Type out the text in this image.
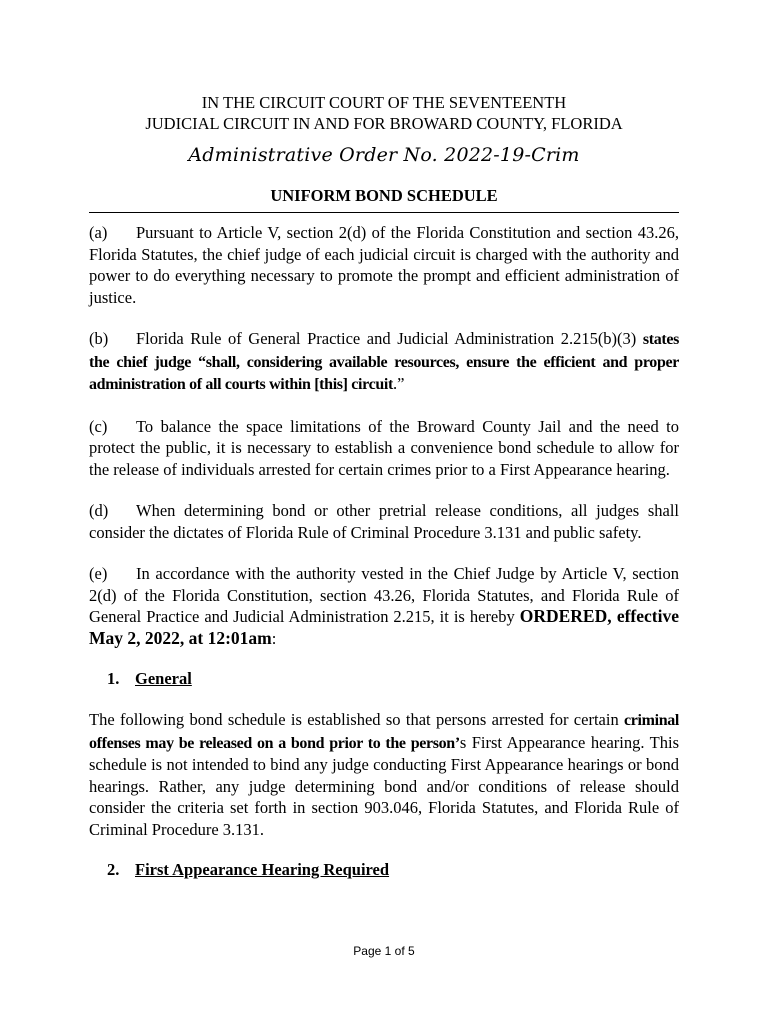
IN THE CIRCUIT COURT OF THE SEVENTEENTH

JUDICIAL CIRCUIT IN AND FOR BROWARD COUNTY, FLORIDA

Administrative Order No. 2022-19-Crim
UNIFORM BOND SCHEDULE

(a) Pursuant to Article V, section 2(d) of the Florida Constitution and section 43.26, Florida Statutes, the chief judge of each judicial circuit is charged with the authority and power to do everything necessary to promote the prompt and efficient administration of justice.

(b) Florida Rule of General Practice and Judicial Administration 2.215(b)(3) states the chief judge “shall, considering available resources, ensure the efficient and proper administration of all courts within [this] circuit.”

(c) To balance the space limitations of the Broward County Jail and the need to protect the public, it is necessary to establish a convenience bond schedule to allow for the release of individuals arrested for certain crimes prior to a First Appearance hearing.

(d) When determining bond or other pretrial release conditions, all judges shall consider the dictates of Florida Rule of Criminal Procedure 3.131 and public safety.

(e) In accordance with the authority vested in the Chief Judge by Article V, section 2(d) of the Florida Constitution, section 43.26, Florida Statutes, and Florida Rule of General Practice and Judicial Administration 2.215, it is hereby ORDERED, effective May 2, 2022, at 12:01am:

1. General

The following bond schedule is established so that persons arrested for certain criminal offenses may be released on a bond prior to the person’s First Appearance hearing. This schedule is not intended to bind any judge conducting First Appearance hearings or bond hearings. Rather, any judge determining bond and/or conditions of release should consider the criteria set forth in section 903.046, Florida Statutes, and Florida Rule of Criminal Procedure 3.131.

2. First Appearance Hearing Required
Page 1 of 5
